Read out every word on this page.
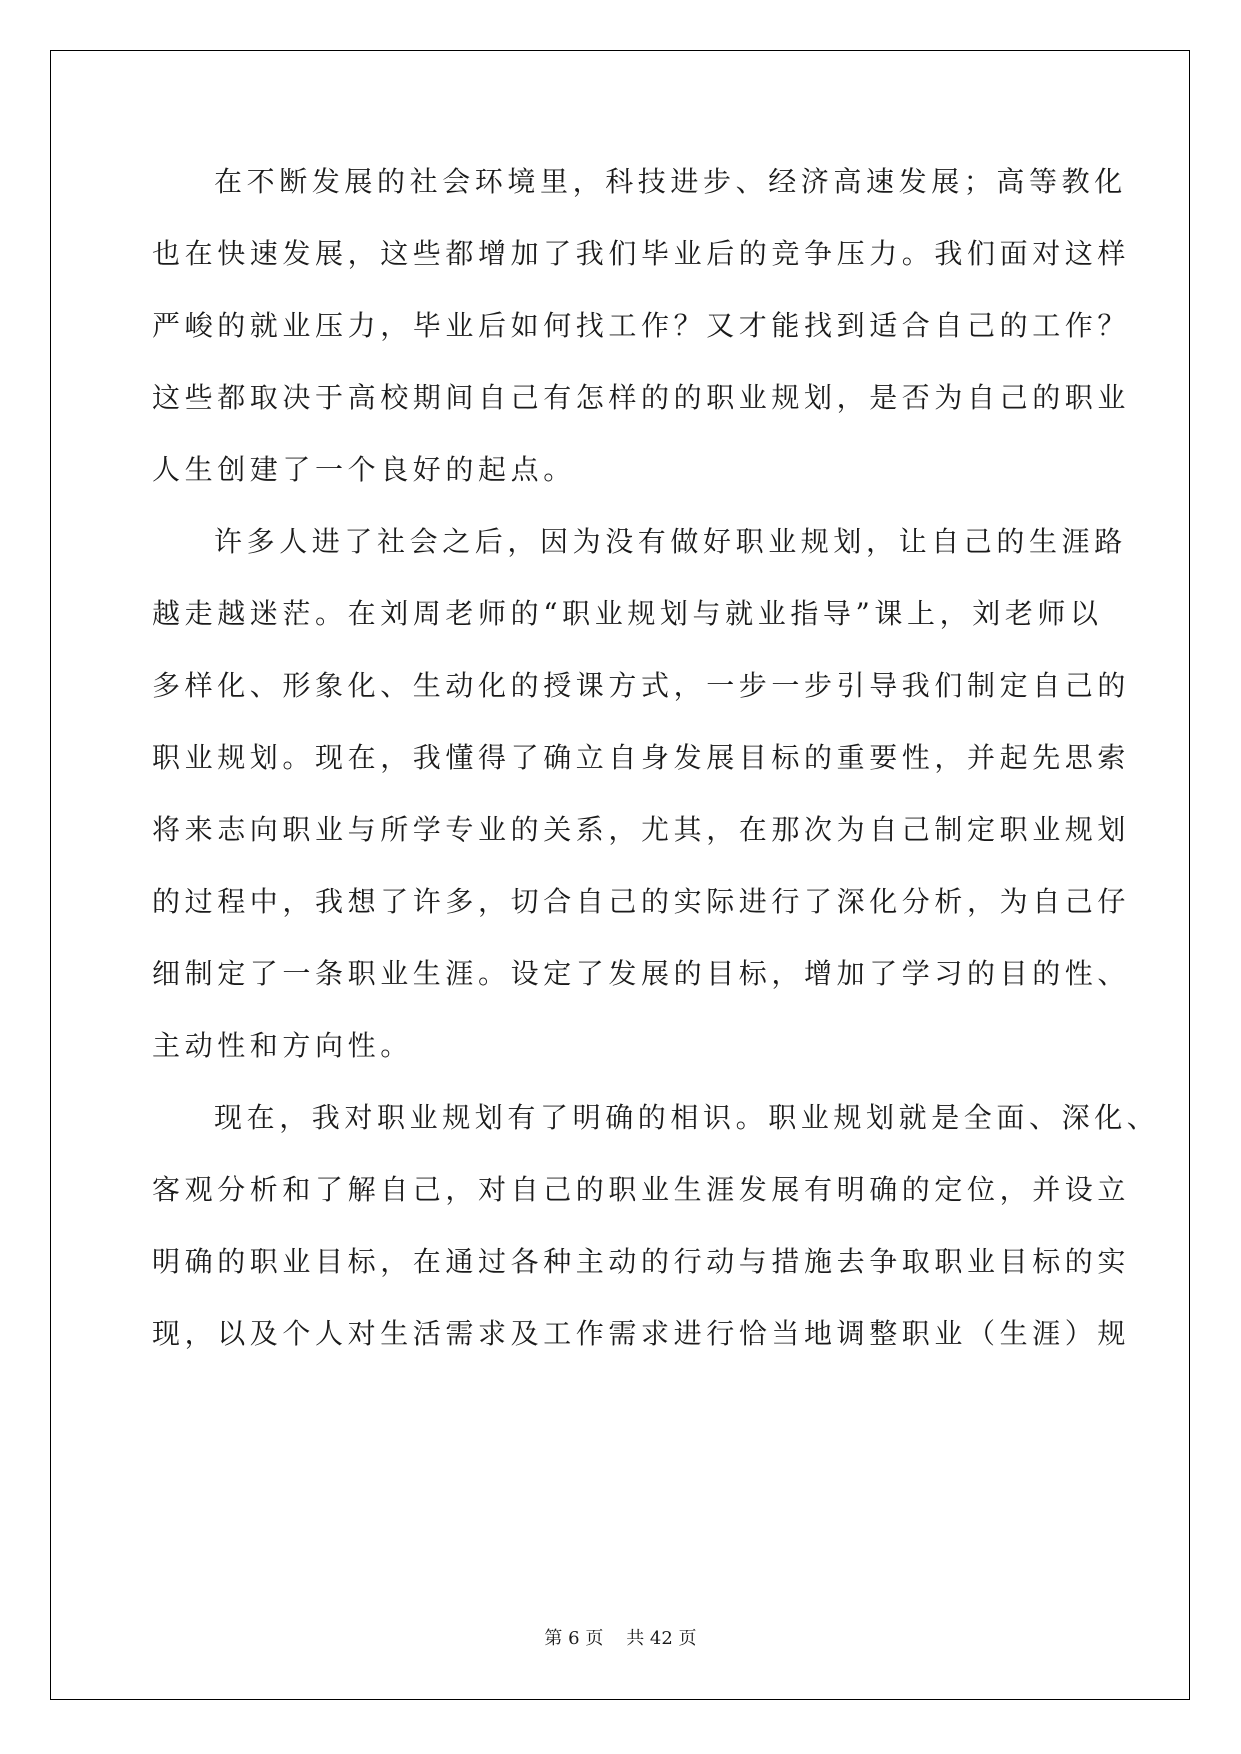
在不断发展的社会环境里，科技进步、经济高速发展；高等教化
也在快速发展，这些都增加了我们毕业后的竞争压力。我们面对这样
严峻的就业压力，毕业后如何找工作？又才能找到适合自己的工作？
这些都取决于高校期间自己有怎样的的职业规划，是否为自己的职业
人生创建了一个良好的起点。
许多人进了社会之后，因为没有做好职业规划，让自己的生涯路
越走越迷茫。在刘周老师的“职业规划与就业指导”课上，刘老师以
多样化、形象化、生动化的授课方式，一步一步引导我们制定自己的
职业规划。现在，我懂得了确立自身发展目标的重要性，并起先思索
将来志向职业与所学专业的关系，尤其，在那次为自己制定职业规划
的过程中，我想了许多，切合自己的实际进行了深化分析，为自己仔
细制定了一条职业生涯。设定了发展的目标，增加了学习的目的性、
主动性和方向性。
现在，我对职业规划有了明确的相识。职业规划就是全面、深化、
客观分析和了解自己，对自己的职业生涯发展有明确的定位，并设立
明确的职业目标，在通过各种主动的行动与措施去争取职业目标的实
现，以及个人对生活需求及工作需求进行恰当地调整职业（生涯）规
第 6 页    共 42 页
